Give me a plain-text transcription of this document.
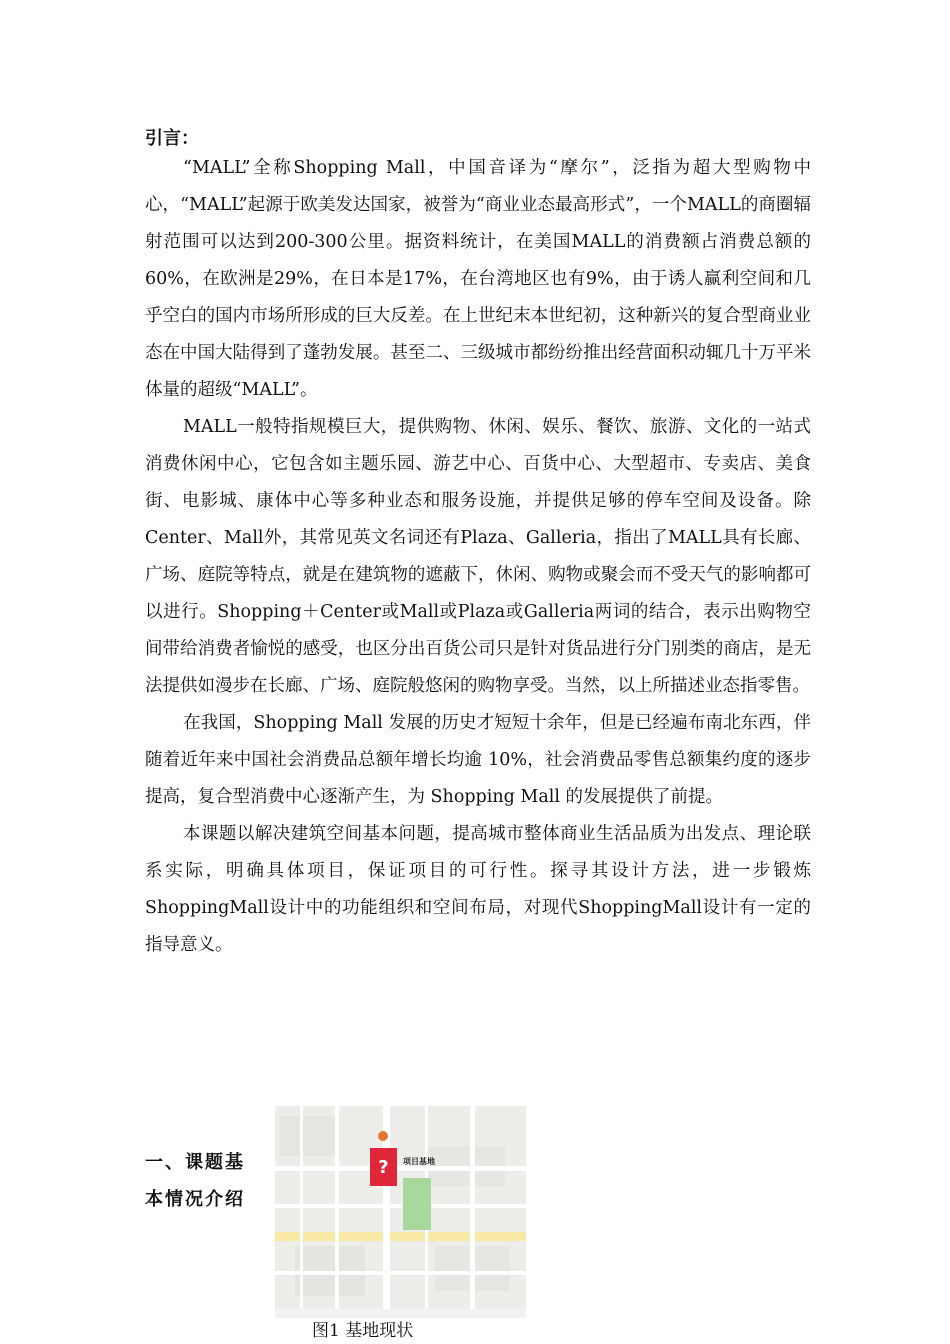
引言：

“MALL”全称Shopping Mall，中国音译为“摩尔”，泛指为超大型购物中心，“MALL”起源于欧美发达国家，被誉为“商业业态最高形式”，一个MALL的商圈辐射范围可以达到200-300公里。据资料统计，在美国MALL的消费额占消费总额的60%，在欧洲是29%，在日本是17%，在台湾地区也有9%，由于诱人赢利空间和几乎空白的国内市场所形成的巨大反差。在上世纪末本世纪初，这种新兴的复合型商业业态在中国大陆得到了蓬勃发展。甚至二、三级城市都纷纷推出经营面积动辄几十万平米体量的超级“MALL”。

MALL一般特指规模巨大，提供购物、休闲、娱乐、餐饮、旅游、文化的一站式消费休闲中心，它包含如主题乐园、游艺中心、百货中心、大型超市、专卖店、美食街、电影城、康体中心等多种业态和服务设施，并提供足够的停车空间及设备。除Center、Mall外，其常见英文名词还有Plaza、Galleria，指出了MALL具有长廊、广场、庭院等特点，就是在建筑物的遮蔽下，休闲、购物或聚会而不受天气的影响都可以进行。Shopping＋Center或Mall或Plaza或Galleria两词的结合，表示出购物空间带给消费者愉悦的感受，也区分出百货公司只是针对货品进行分门别类的商店，是无法提供如漫步在长廊、广场、庭院般悠闲的购物享受。当然，以上所描述业态指零售。

在我国，Shopping Mall 发展的历史才短短十余年，但是已经遍布南北东西，伴随着近年来中国社会消费品总额年增长均逾 10%，社会消费品零售总额集约度的逐步提高，复合型消费中心逐渐产生，为 Shopping Mall 的发展提供了前提。

本课题以解决建筑空间基本问题，提高城市整体商业生活品质为出发点、理论联系实际，明确具体项目，保证项目的可行性。探寻其设计方法，进一步锻炼ShoppingMall设计中的功能组织和空间布局，对现代ShoppingMall设计有一定的指导意义。

一、课题基本情况介绍
? 项目基地
图1 基地现状
